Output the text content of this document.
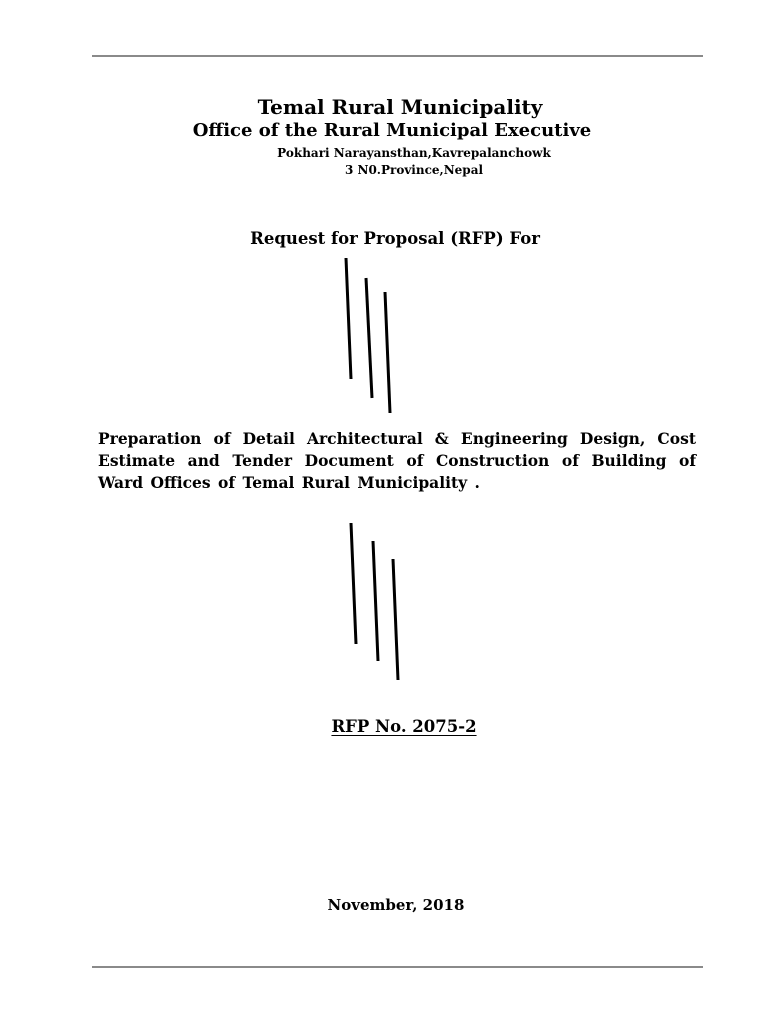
Temal Rural Municipality
Office of the Rural Municipal Executive
Pokhari Narayansthan,Kavrepalanchowk
3 N0.Province,Nepal
Request for Proposal (RFP) For
Preparation of Detail Architectural & Engineering Design, Cost Estimate and Tender Document of Construction of Building of
Ward Offices of Temal Rural Municipality .
RFP No. 2075-2
November, 2018
